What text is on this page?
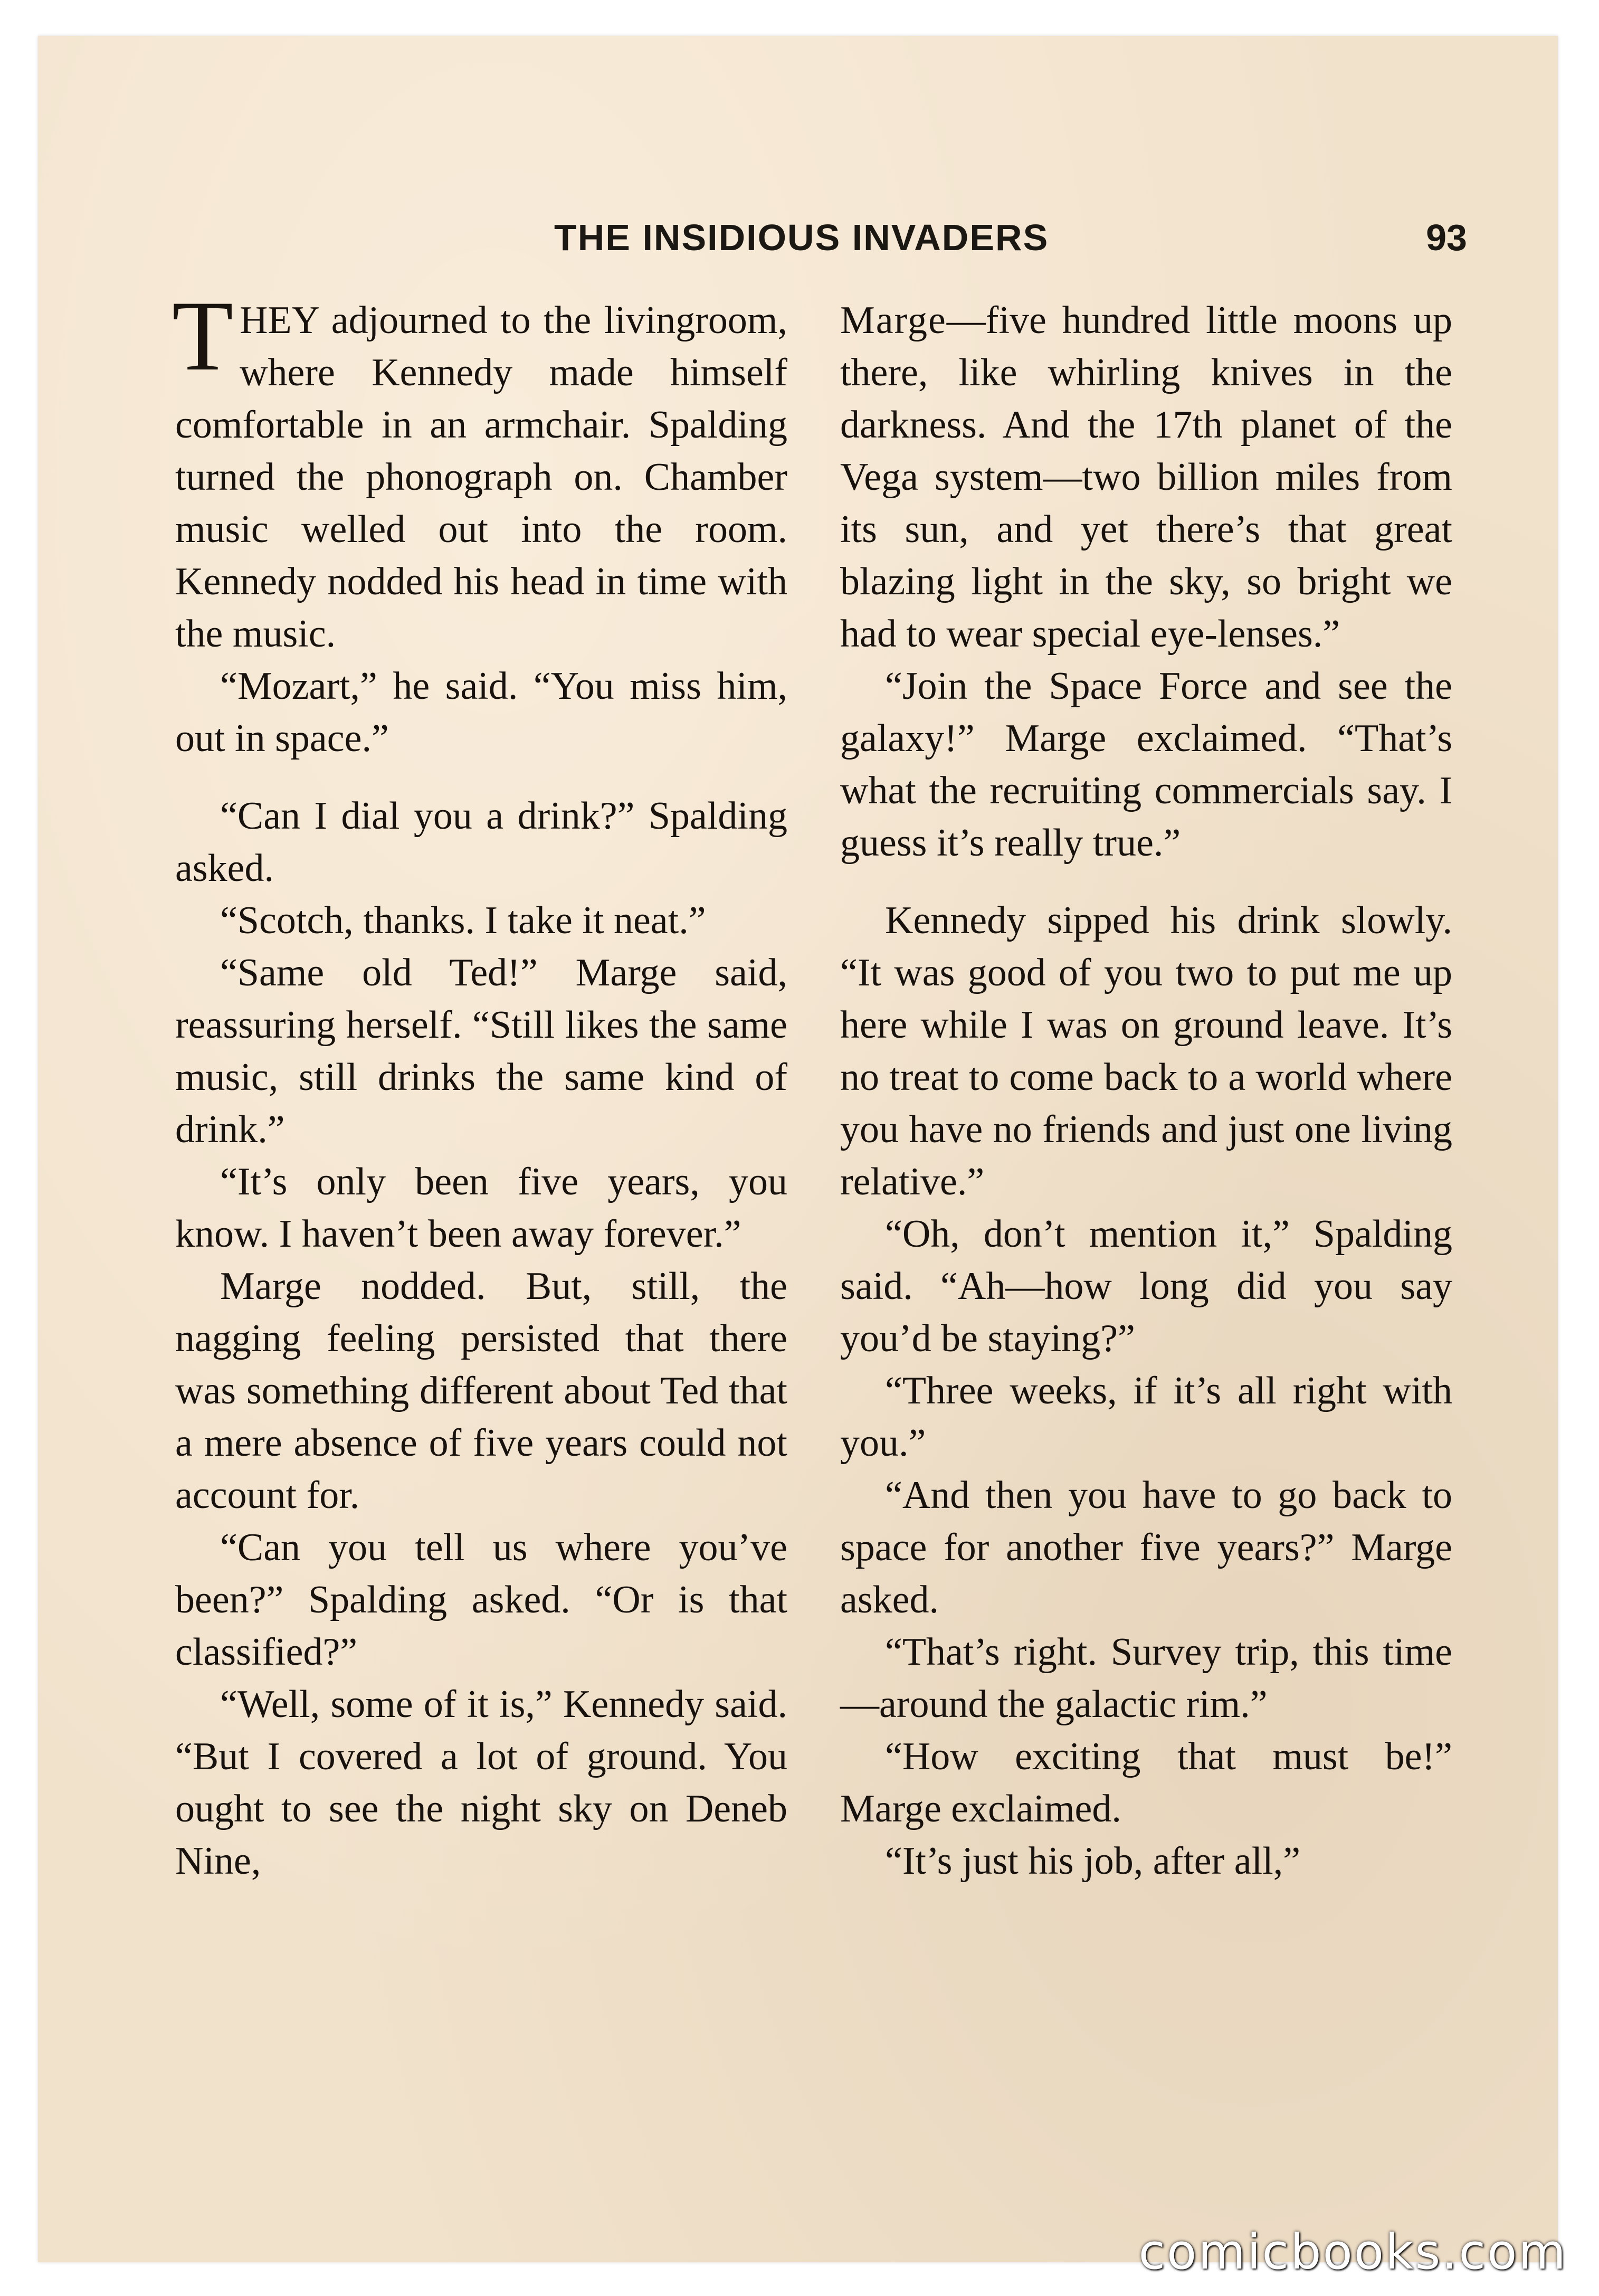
THE INSIDIOUS INVADERS	93

THEY adjourned to the livingroom, where Kennedy made himself comfortable in an armchair. Spalding turned the phonograph on. Chamber music welled out into the room. Kennedy nodded his head in time with the music.

“Mozart,” he said. “You miss him, out in space.”

“Can I dial you a drink?” Spalding asked.

“Scotch, thanks. I take it neat.”

“Same old Ted!” Marge said, reassuring herself. “Still likes the same music, still drinks the same kind of drink.”

“It’s only been five years, you know. I haven’t been away forever.”

Marge nodded. But, still, the nagging feeling persisted that there was something different about Ted that a mere absence of five years could not account for.

“Can you tell us where you’ve been?” Spalding asked. “Or is that classified?”

“Well, some of it is,” Kennedy said. “But I covered a lot of ground. You ought to see the night sky on Deneb Nine,

Marge—five hundred little moons up there, like whirling knives in the darkness. And the 17th planet of the Vega system—two billion miles from its sun, and yet there’s that great blazing light in the sky, so bright we had to wear special eye-lenses.”

“Join the Space Force and see the galaxy!” Marge exclaimed. “That’s what the recruiting commercials say. I guess it’s really true.”

Kennedy sipped his drink slowly. “It was good of you two to put me up here while I was on ground leave. It’s no treat to come back to a world where you have no friends and just one living relative.”

“Oh, don’t mention it,” Spalding said. “Ah—how long did you say you’d be staying?”

“Three weeks, if it’s all right with you.”

“And then you have to go back to space for another five years?” Marge asked.

“That’s right. Survey trip, this time—around the galactic rim.”

“How exciting that must be!” Marge exclaimed.

“It’s just his job, after all,”

comicbooks.com
